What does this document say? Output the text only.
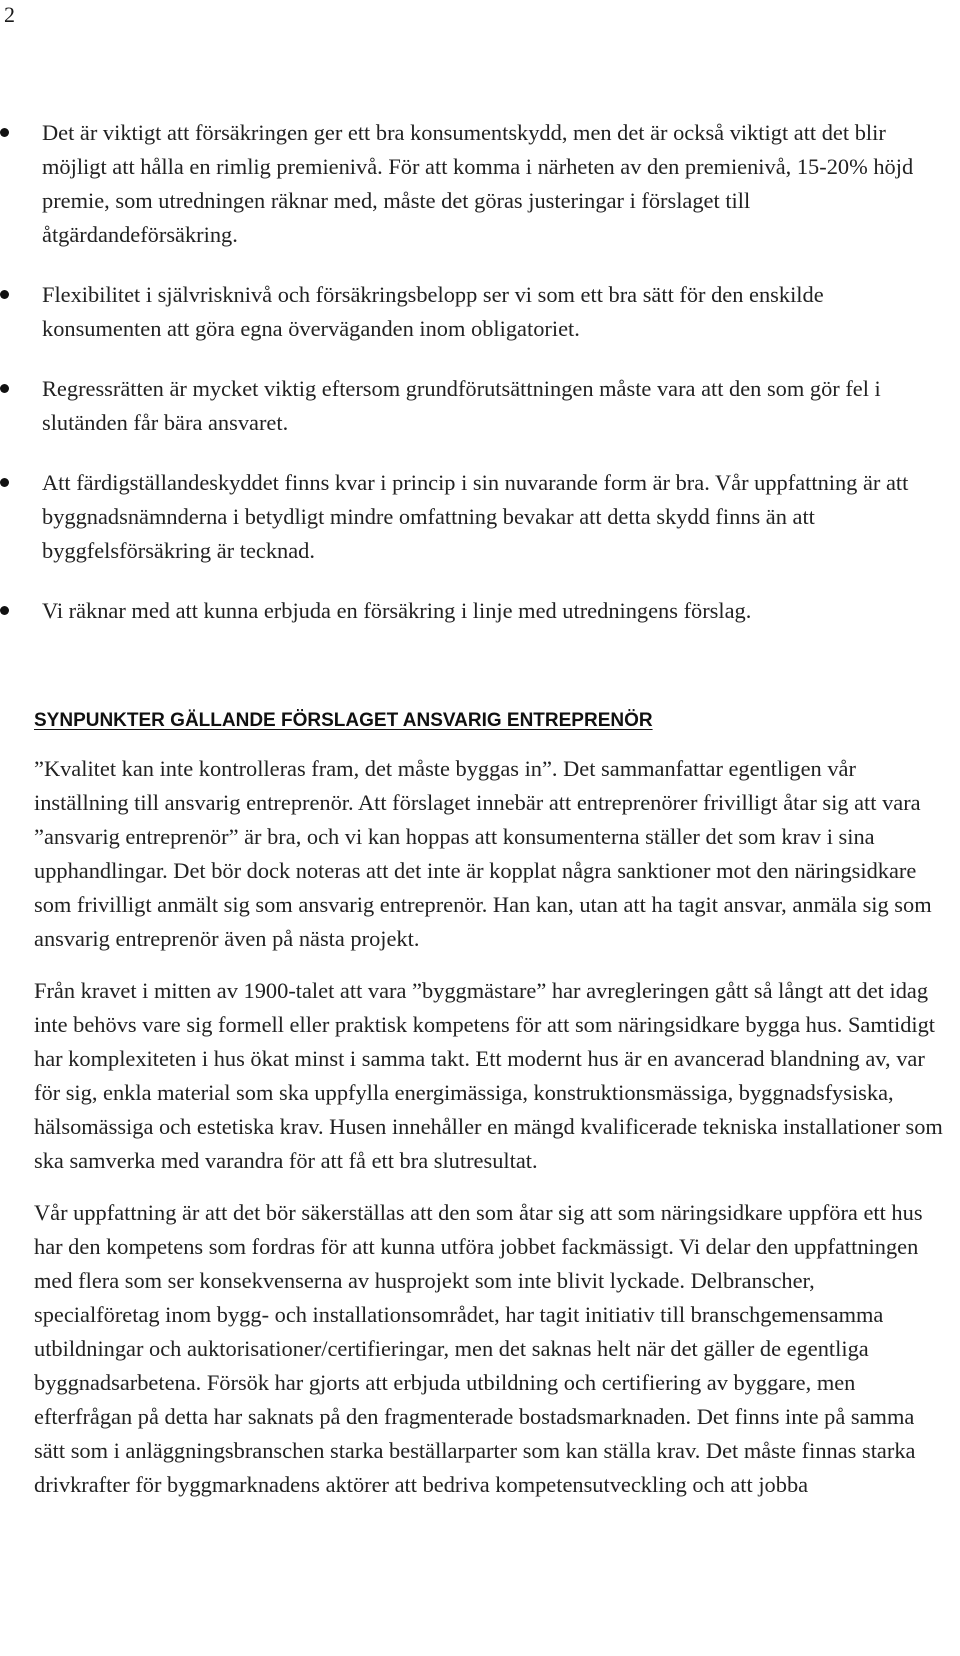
2
Det är viktigt att försäkringen ger ett bra konsumentskydd, men det är också viktigt att det blir möjligt att hålla en rimlig premienivå. För att komma i närheten av den premienivå, 15-20% höjd premie, som utredningen räknar med, måste det göras justeringar i förslaget till åtgärdandeförsäkring.
Flexibilitet i självrisknivå och försäkringsbelopp ser vi som ett bra sätt för den enskilde konsumenten att göra egna överväganden inom obligatoriet.
Regressrätten är mycket viktig eftersom grundförutsättningen måste vara att den som gör fel i slutänden får bära ansvaret.
Att färdigställandeskyddet finns kvar i princip i sin nuvarande form är bra. Vår uppfattning är att byggnadsnämnderna i betydligt mindre omfattning bevakar att detta skydd finns än att byggfelsförsäkring är tecknad.
Vi räknar med att kunna erbjuda en försäkring i linje med utredningens förslag.
SYNPUNKTER GÄLLANDE FÖRSLAGET ANSVARIG ENTREPRENÖR

”Kvalitet kan inte kontrolleras fram, det måste byggas in”. Det sammanfattar egentligen vår inställning till ansvarig entreprenör. Att förslaget innebär att entreprenörer frivilligt åtar sig att vara ”ansvarig entreprenör” är bra, och vi kan hoppas att konsumenterna ställer det som krav i sina upphandlingar. Det bör dock noteras att det inte är kopplat några sanktioner mot den näringsidkare som frivilligt anmält sig som ansvarig entreprenör. Han kan, utan att ha tagit ansvar, anmäla sig som ansvarig entreprenör även på nästa projekt.

Från kravet i mitten av 1900-talet att vara ”byggmästare” har avregleringen gått så långt att det idag inte behövs vare sig formell eller praktisk kompetens för att som näringsidkare bygga hus. Samtidigt har komplexiteten i hus ökat minst i samma takt. Ett modernt hus är en avancerad blandning av, var för sig, enkla material som ska uppfylla energimässiga, konstruktionsmässiga, byggnadsfysiska, hälsomässiga och estetiska krav. Husen innehåller en mängd kvalificerade tekniska installationer som ska samverka med varandra för att få ett bra slutresultat.

Vår uppfattning är att det bör säkerställas att den som åtar sig att som näringsidkare uppföra ett hus har den kompetens som fordras för att kunna utföra jobbet fackmässigt. Vi delar den uppfattningen med flera som ser konsekvenserna av husprojekt som inte blivit lyckade. Delbranscher, specialföretag inom bygg- och installationsområdet, har tagit initiativ till branschgemensamma utbildningar och auktorisationer/certifieringar, men det saknas helt när det gäller de egentliga byggnadsarbetena. Försök har gjorts att erbjuda utbildning och certifiering av byggare, men efterfrågan på detta har saknats på den fragmenterade bostadsmarknaden. Det finns inte på samma sätt som i anläggningsbranschen starka beställarparter som kan ställa krav. Det måste finnas starka drivkrafter för byggmarknadens aktörer att bedriva kompetensutveckling och att jobba
